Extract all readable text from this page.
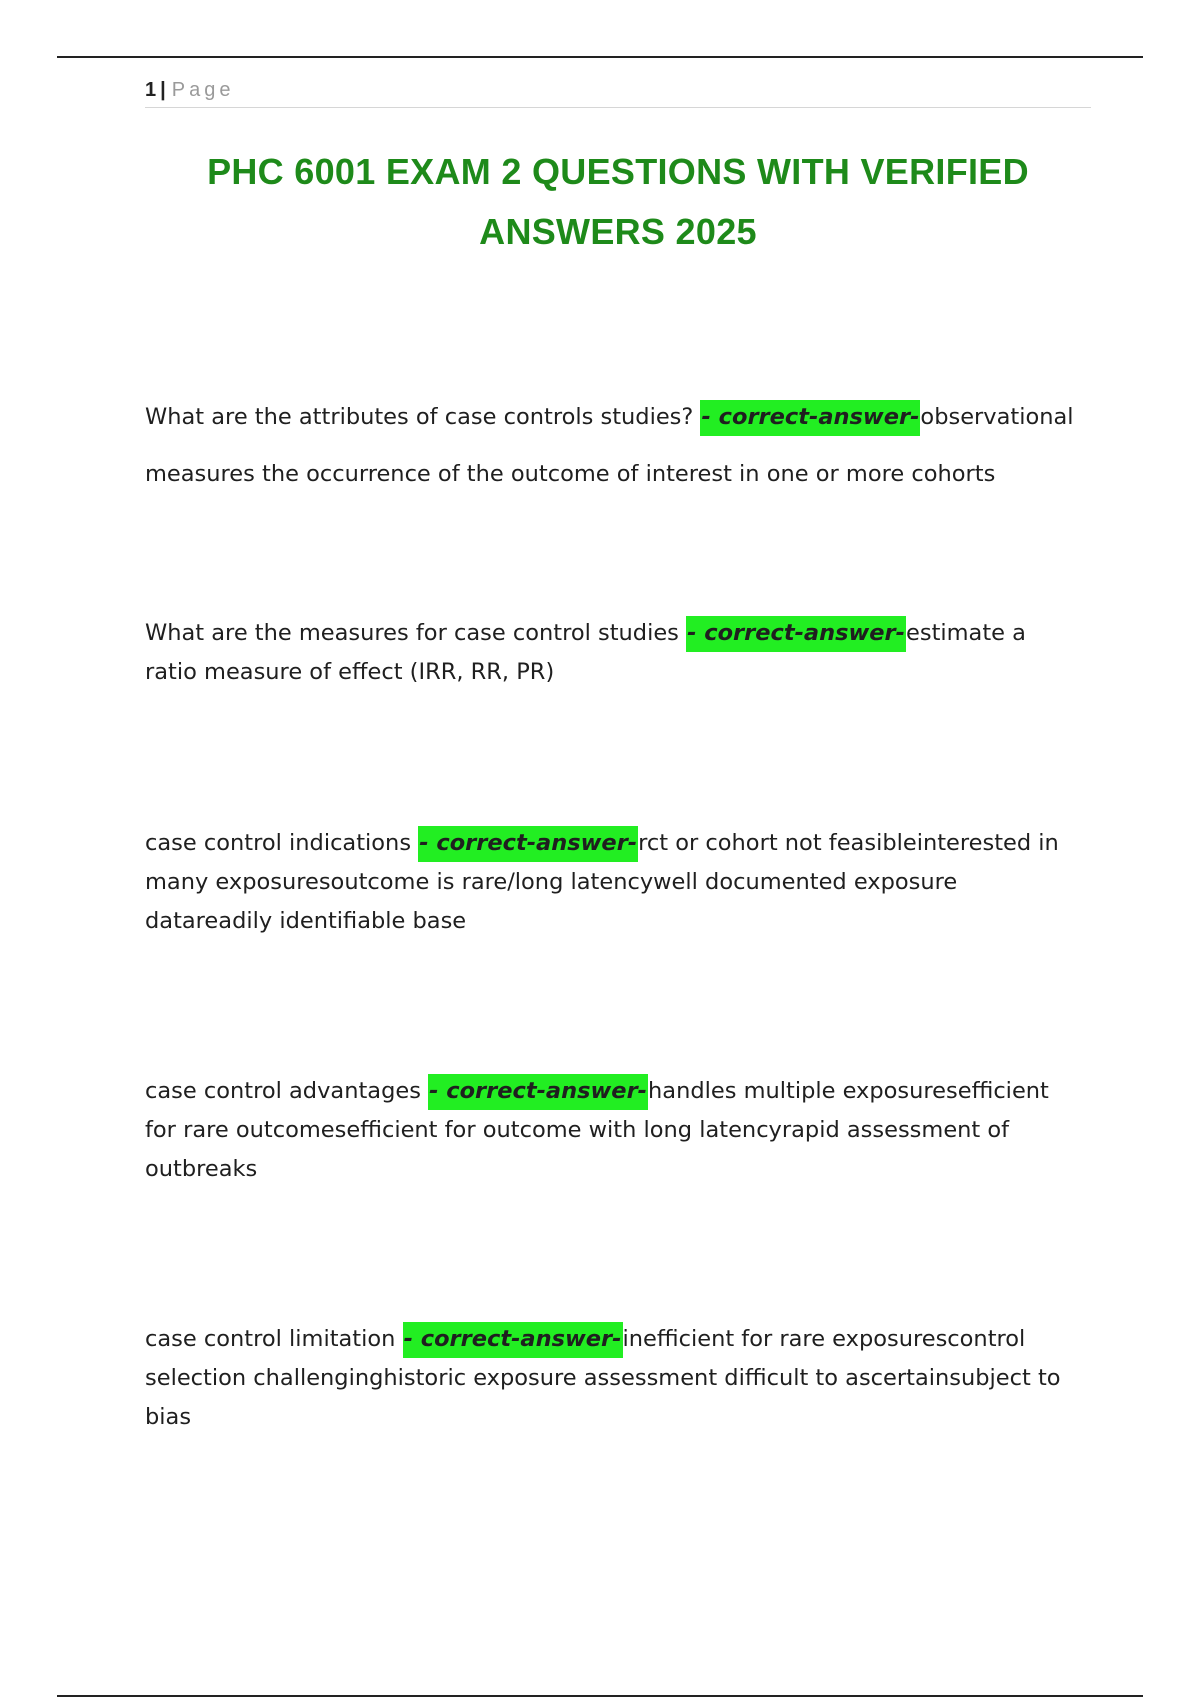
1 | Page
PHC 6001 EXAM 2 QUESTIONS WITH VERIFIED ANSWERS 2025

What are the attributes of case controls studies? - correct-answer-observational measures the occurrence of the outcome of interest in one or more cohorts

What are the measures for case control studies - correct-answer-estimate a ratio measure of effect (IRR, RR, PR)

case control indications - correct-answer-rct or cohort not feasibleinterested in many exposuresoutcome is rare/long latencywell documented exposure datareadily identifiable base

case control advantages - correct-answer-handles multiple exposuresefficient for rare outcomesefficient for outcome with long latencyrapid assessment of outbreaks

case control limitation - correct-answer-inefficient for rare exposurescontrol selection challenginghistoric exposure assessment difficult to ascertainsubject to bias
